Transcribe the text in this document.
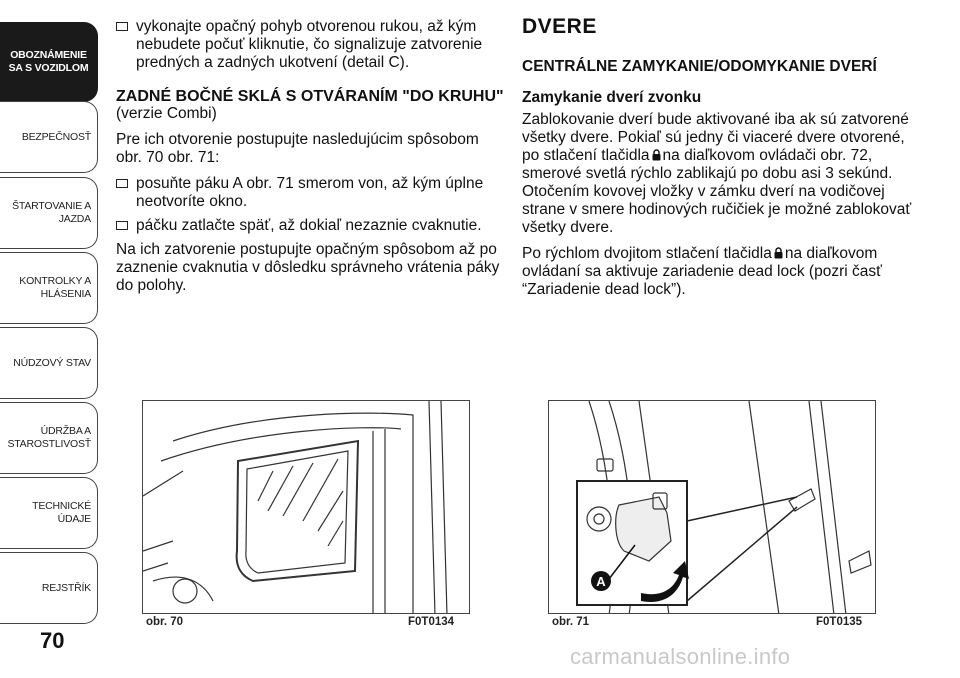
OBOZNÁMENIE
SA S VOZIDLOM
BEZPEČNOSŤ
ŠTARTOVANIE A
JAZDA
KONTROLKY A
HLÁSENIA
NÚDZOVÝ STAV
ÚDRŽBA A
STAROSTLIVOSŤ
TECHNICKÉ ÚDAJE
REJSTŘÍK
70
vykonajte opačný pohyb otvorenou rukou, až kým nebudete počuť kliknutie, čo signalizuje zatvorenie predných a zadných ukotvení (detail C).
ZADNÉ BOČNÉ SKLÁ S OTVÁRANÍM "DO KRUHU"

(verzie Combi)

Pre ich otvorenie postupujte nasledujúcim spôsobom obr. 70 obr. 71:

posuňte páku A obr. 71 smerom von, až kým úplne neotvoríte okno.
páčku zatlačte späť, až dokiaľ nezaznie cvaknutie.

Na ich zatvorenie postupujte opačným spôsobom až po zaznenie cvaknutia v dôsledku správneho vrátenia páky do polohy.

DVERE
CENTRÁLNE ZAMYKANIE/ODOMYKANIE DVERÍ
Zamykanie dverí zvonku

Zablokovanie dverí bude aktivované iba ak sú zatvorené všetky dvere. Pokiaľ sú jedny či viaceré dvere otvorené, po stlačení tlačidla na diaľkovom ovládači obr. 72, smerové svetlá rýchlo zablikajú po dobu asi 3 sekúnd. Otočením kovovej vložky v zámku dverí na vodičovej strane v smere hodinových ručičiek je možné zablokovať všetky dvere.

Po rýchlom dvojitom stlačení tlačidla na diaľkovom ovládaní sa aktivuje zariadenie dead lock (pozri časť “Zariadenie dead lock”).

obr. 70	F0T0134
A
obr. 71	F0T0135
carmanualsonline.info
